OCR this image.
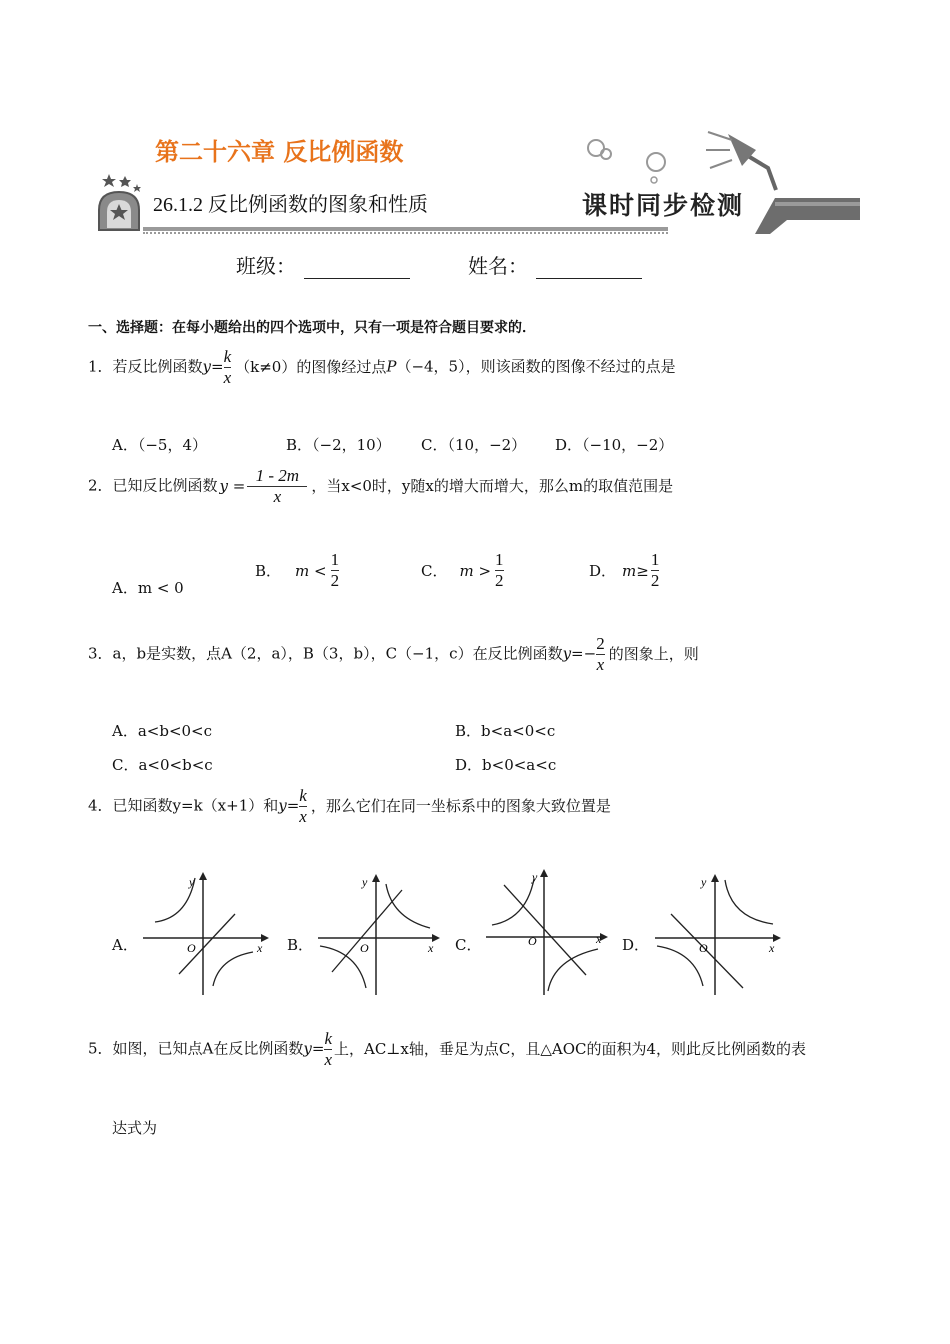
第二十六章 反比例函数
26.1.2 反比例函数的图象和性质	课时同步检测
班级：	姓名：
一、选择题：在每小题给出的四个选项中，只有一项是符合题目要求的．
1．若反比例函数$y= \frac{k}{x} (k\ne 0)$的图像经过点P（−4，5），则该函数的图像不经过的点是
A．（−5，4）	B．（−2，10） C．（10，−2） D．（−10，−2）
2．已知反比例函数 $y = \frac{1 - 2m}{x}$ ，当x<0时，y随x的增大而增大，那么m的取值范围是
A．m < 0
B． $m < \frac{1}{2}$	C． $m > \frac{1}{2}$	D． $m\ge \frac{1}{2}$
3．a，b是实数，点A（2，a），B（3，b），C（−1，c）在反比例函数$y=- \frac{2}{x}$ 的图象上，则
A．a<b<0<c	B．b<a<0<c
C．a<0<b<c	D．b<0<a<c
4．已知函数y=k（x+1）和$y= \frac{k}{x}$ ，那么它们在同一坐标系中的图象大致位置是
A．	B．	C．	D．
y
x
O
y
x
O
y
x
O
y
x
O
5．如图，已知点A在反比例函数$y= \frac{k}{x}$ 上，AC⊥x轴，垂足为点C，且△AOC的面积为4，则此反比例函数的表
达式为
